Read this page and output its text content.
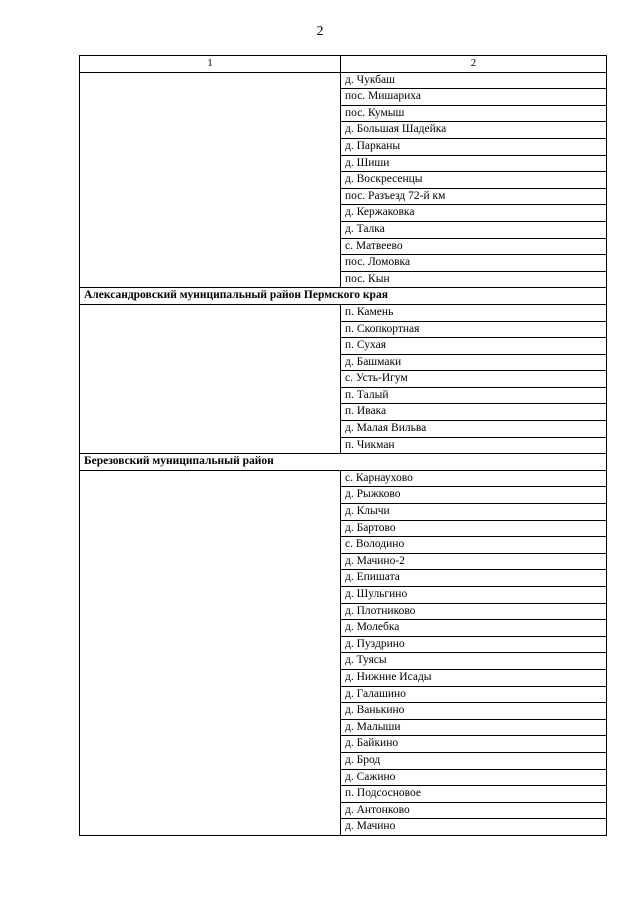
2
1	2
	д. Чукбаш
	пос. Мишариха
	пос. Кумыш
	д. Большая Шадейка
	д. Парканы
	д. Шиши
	д. Воскресенцы
	пос. Разъезд 72-й км
	д. Кержаковка
	д. Талка
	с. Матвеево
	пос. Ломовка
	пос. Кын
Александровский муниципальный район Пермского края	
	п. Камень
	п. Скопкортная
	п. Сухая
	д. Башмаки
	с. Усть-Игум
	п. Талый
	п. Ивака
	д. Малая Вильва
	п. Чикман
Березовский муниципальный район	
	с. Карнаухово
	д. Рыжково
	д. Клычи
	д. Бартово
	с. Володино
	д. Мачино-2
	д. Епишата
	д. Шульгино
	д. Плотниково
	д. Молебка
	д. Пуздрино
	д. Туясы
	д. Нижние Исады
	д. Галашино
	д. Ванькино
	д. Малыши
	д. Байкино
	д. Брод
	д. Сажино
	п. Подсосновое
	д. Антонково
	д. Мачино
